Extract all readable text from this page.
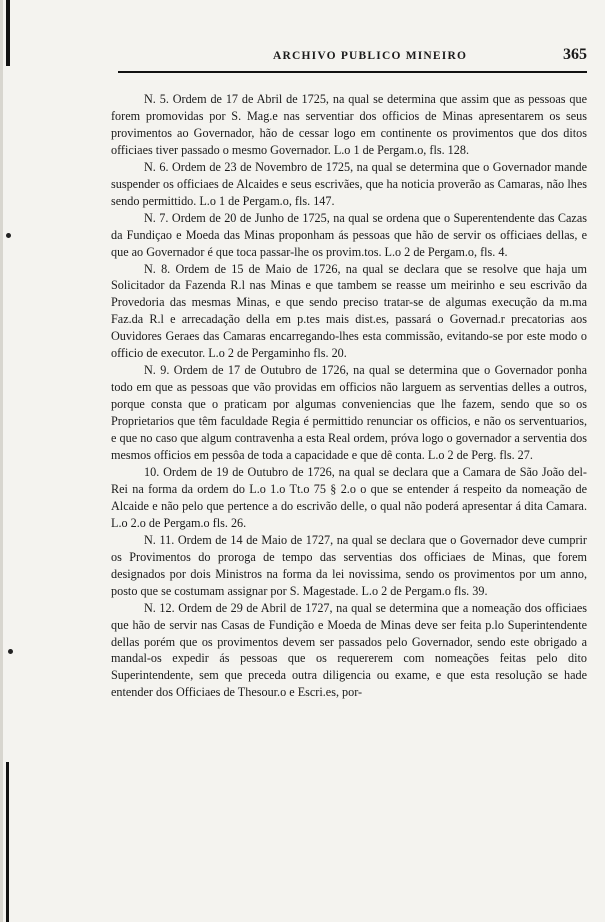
ARCHIVO PUBLICO MINEIRO	365

N. 5. Ordem de 17 de Abril de 1725, na qual se determina que assim que as pessoas que forem promovidas por S. Mag.e nas serventiar dos officios de Minas apresentarem os seus provimentos ao Governador, hão de cessar logo em continente os provimentos que dos ditos officiaes tiver passado o mesmo Governador. L.o 1 de Pergam.o, fls. 128.

N. 6. Ordem de 23 de Novembro de 1725, na qual se determina que o Governador mande suspender os officiaes de Alcaides e seus escrivães, que ha noticia proverão as Camaras, não lhes sendo permittido. L.o 1 de Pergam.o, fls. 147.

N. 7. Ordem de 20 de Junho de 1725, na qual se ordena que o Superentendente das Cazas da Fundiçao e Moeda das Minas proponham ás pessoas que hão de servir os officiaes dellas, e que ao Governador é que toca passar-lhe os provim.tos. L.o 2 de Pergam.o, fls. 4.

N. 8. Ordem de 15 de Maio de 1726, na qual se declara que se resolve que haja um Solicitador da Fazenda R.l nas Minas e que tambem se reasse um meirinho e seu escrivão da Provedoria das mesmas Minas, e que sendo preciso tratar-se de algumas execução da m.ma Faz.da R.l e arrecadação della em p.tes mais dist.es, passará o Governad.r precatorias aos Ouvidores Geraes das Camaras encarregando-lhes esta commissão, evitando-se por este modo o officio de executor. L.o 2 de Pergaminho fls. 20.

N. 9. Ordem de 17 de Outubro de 1726, na qual se determina que o Governador ponha todo em que as pessoas que vão providas em officios não larguem as serventias delles a outros, porque consta que o praticam por algumas conveniencias que lhe fazem, sendo que so os Proprietarios que têm faculdade Regia é permittido renunciar os officios, e não os serventuarios, e que no caso que algum contravenha a esta Real ordem, próva logo o governador a serventia dos mesmos officios em pessôa de toda a capacidade e que dê conta. L.o 2 de Perg. fls. 27.

10. Ordem de 19 de Outubro de 1726, na qual se declara que a Camara de São João del-Rei na forma da ordem do L.o 1.o Tt.o 75 § 2.o o que se entender á respeito da nomeação de Alcaide e não pelo que pertence a do escrivão delle, o qual não poderá apresentar á dita Camara. L.o 2.o de Pergam.o fls. 26.

N. 11. Ordem de 14 de Maio de 1727, na qual se declara que o Governador deve cumprir os Provimentos do proroga de tempo das serventias dos officiaes de Minas, que forem designados por dois Ministros na forma da lei novissima, sendo os provimentos por um anno, posto que se costumam assignar por S. Magestade. L.o 2 de Pergam.o fls. 39.

N. 12. Ordem de 29 de Abril de 1727, na qual se determina que a nomeação dos officiaes que hão de servir nas Casas de Fundição e Moeda de Minas deve ser feita p.lo Superintendente dellas porém que os provimentos devem ser passados pelo Governador, sendo este obrigado a mandal-os expedir ás pessoas que os requererem com nomeações feitas pelo dito Superintendente, sem que preceda outra diligencia ou exame, e que esta resolução se hade entender dos Officiaes de Thesour.o e Escri.es, por-
